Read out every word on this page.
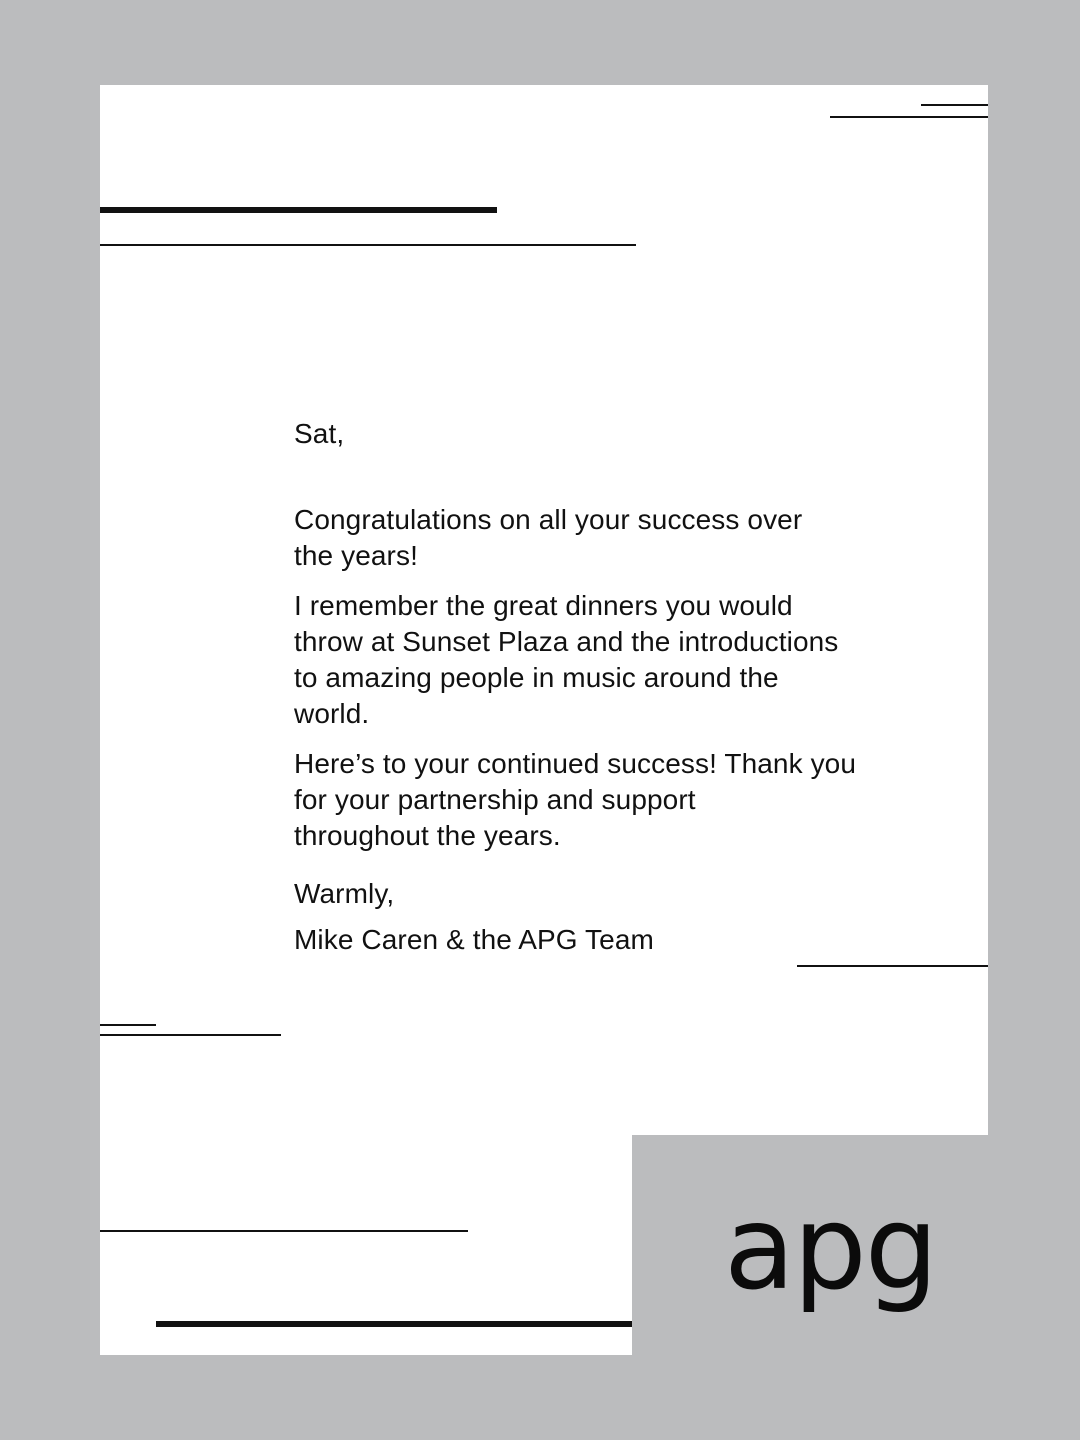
Sat,

Congratulations on all your success over
the years!

I remember the great dinners you would
throw at Sunset Plaza and the introductions
to amazing people in music around the
world.

Here’s to your continued success! Thank you
for your partnership and support
throughout the years.

Warmly,

Mike Caren & the APG Team

apg
